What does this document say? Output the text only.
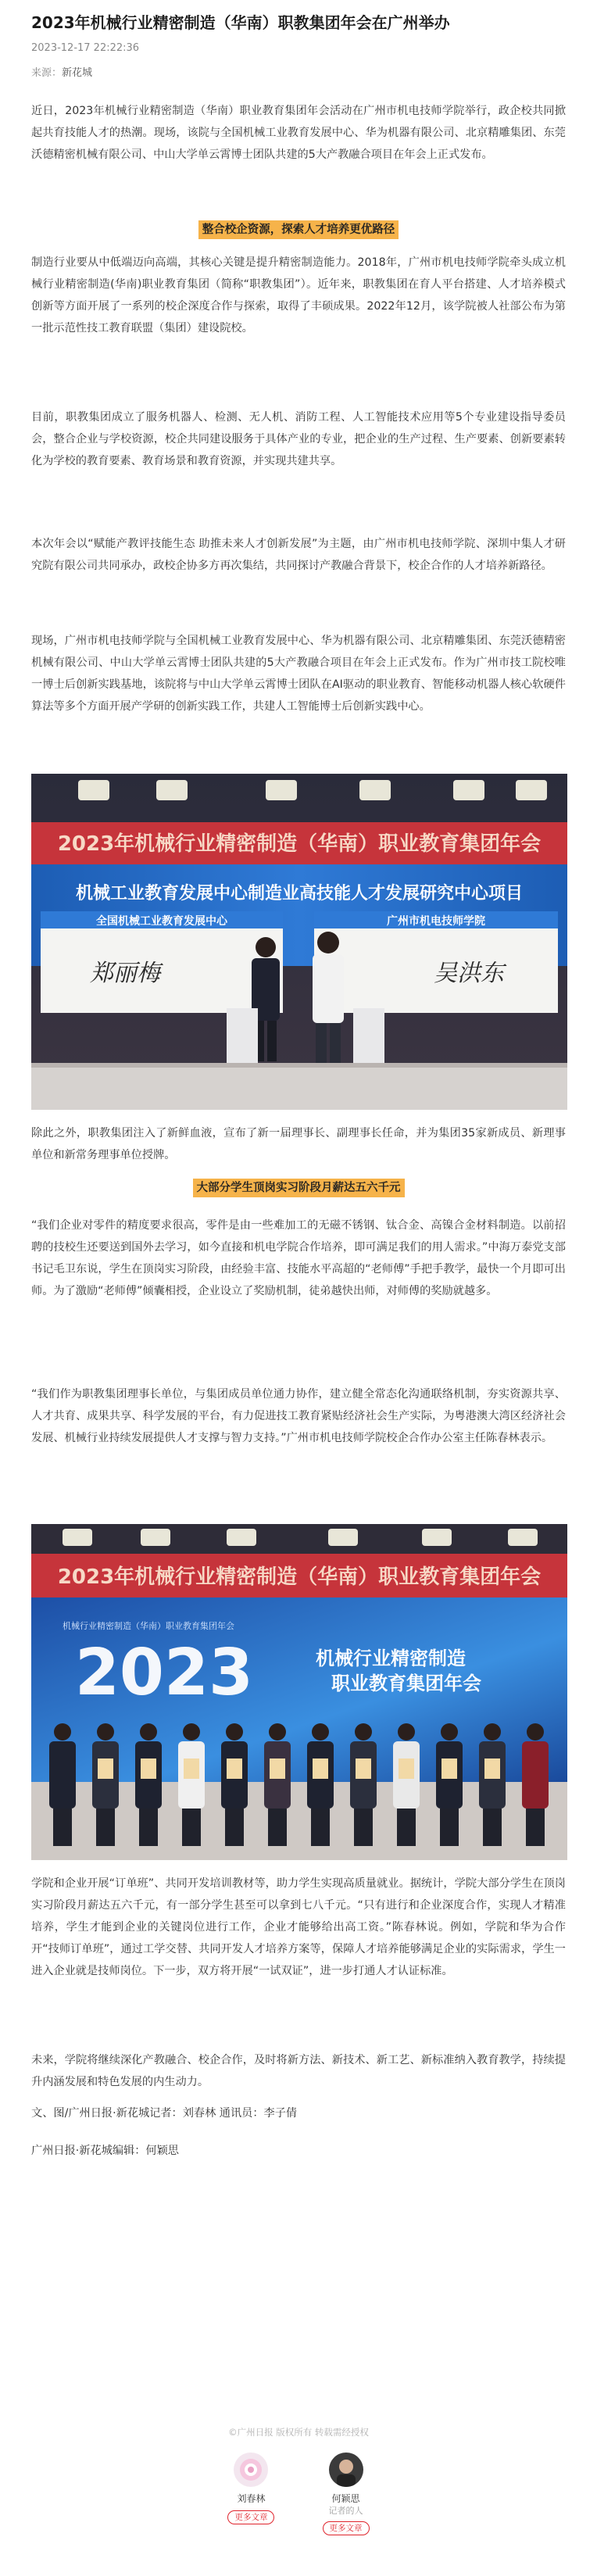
2023年机械行业精密制造（华南）职教集团年会在广州举办
2023-12-17 22:22:36
来源：新花城

近日，2023年机械行业精密制造（华南）职业教育集团年会活动在广州市机电技师学院举行，政企校共同掀起共育技能人才的热潮。现场，该院与全国机械工业教育发展中心、华为机器有限公司、北京精雕集团、东莞沃德精密机械有限公司、中山大学单云霄博士团队共建的5大产教融合项目在年会上正式发布。

整合校企资源，探索人才培养更优路径

制造行业要从中低端迈向高端，其核心关键是提升精密制造能力。2018年，广州市机电技师学院牵头成立机械行业精密制造(华南)职业教育集团（简称“职教集团”）。近年来，职教集团在育人平台搭建、人才培养模式创新等方面开展了一系列的校企深度合作与探索，取得了丰硕成果。2022年12月，该学院被人社部公布为第一批示范性技工教育联盟（集团）建设院校。

目前，职教集团成立了服务机器人、检测、无人机、消防工程、人工智能技术应用等5个专业建设指导委员会，整合企业与学校资源，校企共同建设服务于具体产业的专业，把企业的生产过程、生产要素、创新要素转化为学校的教育要素、教育场景和教育资源，并实现共建共享。

本次年会以“赋能产教评技能生态 助推未来人才创新发展”为主题，由广州市机电技师学院、深圳中集人才研究院有限公司共同承办，政校企协多方再次集结，共同探讨产教融合背景下，校企合作的人才培养新路径。

现场，广州市机电技师学院与全国机械工业教育发展中心、华为机器有限公司、北京精雕集团、东莞沃德精密机械有限公司、中山大学单云霄博士团队共建的5大产教融合项目在年会上正式发布。作为广州市技工院校唯一博士后创新实践基地，该院将与中山大学单云霄博士团队在AI驱动的职业教育、智能移动机器人核心软硬件算法等多个方面开展产学研的创新实践工作，共建人工智能博士后创新实践中心。

2023年机械行业精密制造（华南）职业教育集团年会
机械工业教育发展中心制造业高技能人才发展研究中心项目
全国机械工业教育发展中心	广州市机电技师学院
郑丽梅	吴洪东

除此之外，职教集团注入了新鲜血液，宣布了新一届理事长、副理事长任命，并为集团35家新成员、新理事单位和新常务理事单位授牌。

大部分学生顶岗实习阶段月薪达五六千元

“我们企业对零件的精度要求很高，零件是由一些难加工的无磁不锈钢、钛合金、高镍合金材料制造。以前招聘的技校生还要送到国外去学习，如今直接和机电学院合作培养，即可满足我们的用人需求。”中海万泰党支部书记毛卫东说，学生在顶岗实习阶段，由经验丰富、技能水平高超的“老师傅”手把手教学，最快一个月即可出师。为了激励“老师傅”倾囊相授，企业设立了奖励机制，徒弟越快出师，对师傅的奖励就越多。

“我们作为职教集团理事长单位，与集团成员单位通力协作，建立健全常态化沟通联络机制，夯实资源共享、人才共育、成果共享、科学发展的平台，有力促进技工教育紧贴经济社会生产实际，为粤港澳大湾区经济社会发展、机械行业持续发展提供人才支撑与智力支持。”广州市机电技师学院校企合作办公室主任陈春林表示。

2023年机械行业精密制造（华南）职业教育集团年会
机械行业精密制造（华南）职业教育集团年会
2023	机械行业精密制造
职业教育集团年会

学院和企业开展“订单班”、共同开发培训教材等，助力学生实现高质量就业。据统计，学院大部分学生在顶岗实习阶段月薪达五六千元，有一部分学生甚至可以拿到七八千元。“只有进行和企业深度合作，实现人才精准培养，学生才能到企业的关键岗位进行工作，企业才能够给出高工资。”陈春林说。例如，学院和华为合作开“技师订单班”，通过工学交替、共同开发人才培养方案等，保障人才培养能够满足企业的实际需求，学生一进入企业就是技师岗位。下一步，双方将开展“一试双证”，进一步打通人才认证标准。

未来，学院将继续深化产教融合、校企合作，及时将新方法、新技术、新工艺、新标准纳入教育教学，持续提升内涵发展和特色发展的内生动力。

文、图/广州日报·新花城记者：刘春林 通讯员：李子倩
广州日报·新花城编辑：何颖思
©广州日报 版权所有 转载需经授权
刘春林
更多文章
何颖思
记者的人
更多文章
